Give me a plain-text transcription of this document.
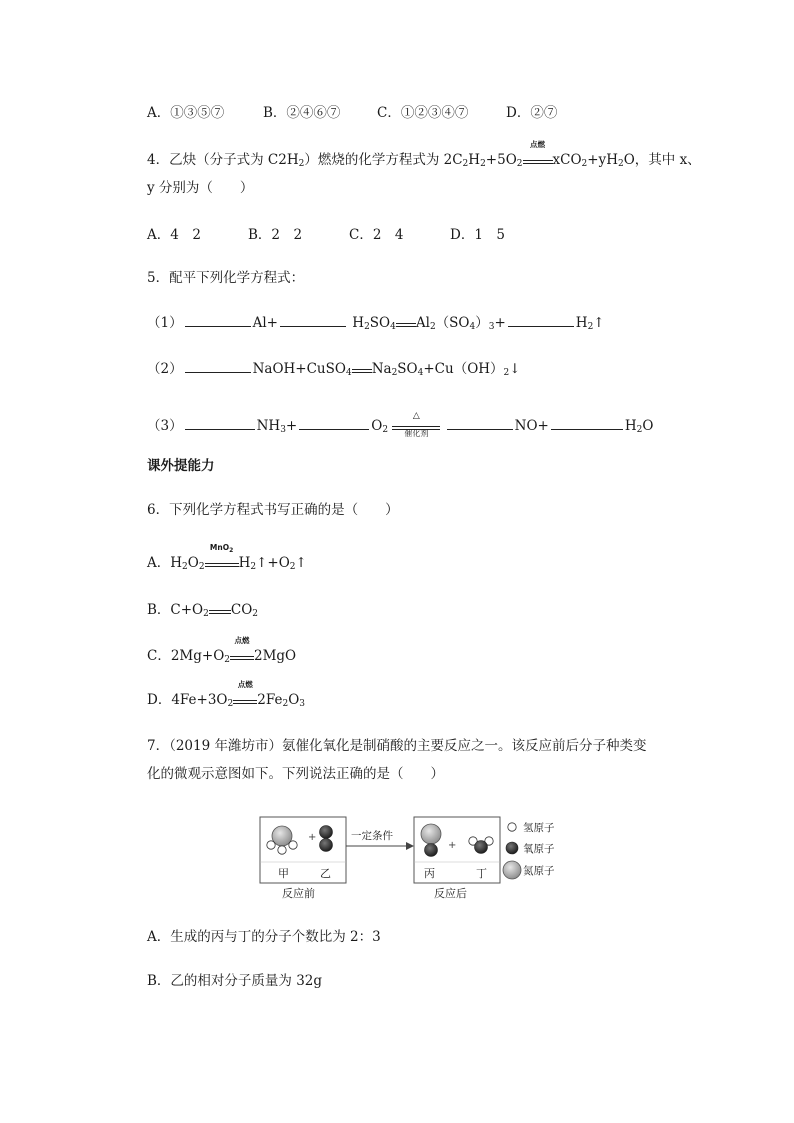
A．①③⑤⑦	B．②④⑥⑦	C．①②③④⑦	D．②⑦
4．乙炔（分子式为 $C2H_2$）燃烧的化学方程式为 $2C_2H_2+5O_2$
点燃
$xCO_2+yH_2O$，其中 x、
y 分别为（　　）
A．4　2	B．2　2	C．2　4	D．1　5
5．配平下列化学方程式：
（1）	Al+	$H_2SO_4$ $Al_2(SO_4)_3+$	$H_2↑$
（2）	NaOH+CuSO$_4$ $Na_2SO_4+Cu(OH)_2↓$
（3）	$NH_3+$	$O_2$
△
催化剂	NO+	$H_2O$
课外提能力
6．下列化学方程式书写正确的是（　　）
A．$H_2O_2$
MnO$_2$
$H_2↑+O_2↑$
B．$C+O_2$ $CO_2$
C．$2Mg+O_2$
点燃
2MgO
D．$4Fe+3O_2$
点燃
$2Fe_2O_3$
7．（2019 年潍坊市）氨催化氧化是制硝酸的主要反应之一。该反应前后分子种类变
化的微观示意图如下。下列说法正确的是（　　）
+
+
一定条件
甲	乙	丙	丁
反应前	反应后
氢原子
氧原子
氮原子
A．生成的丙与丁的分子个数比为 2：3
B．乙的相对分子质量为 32g
